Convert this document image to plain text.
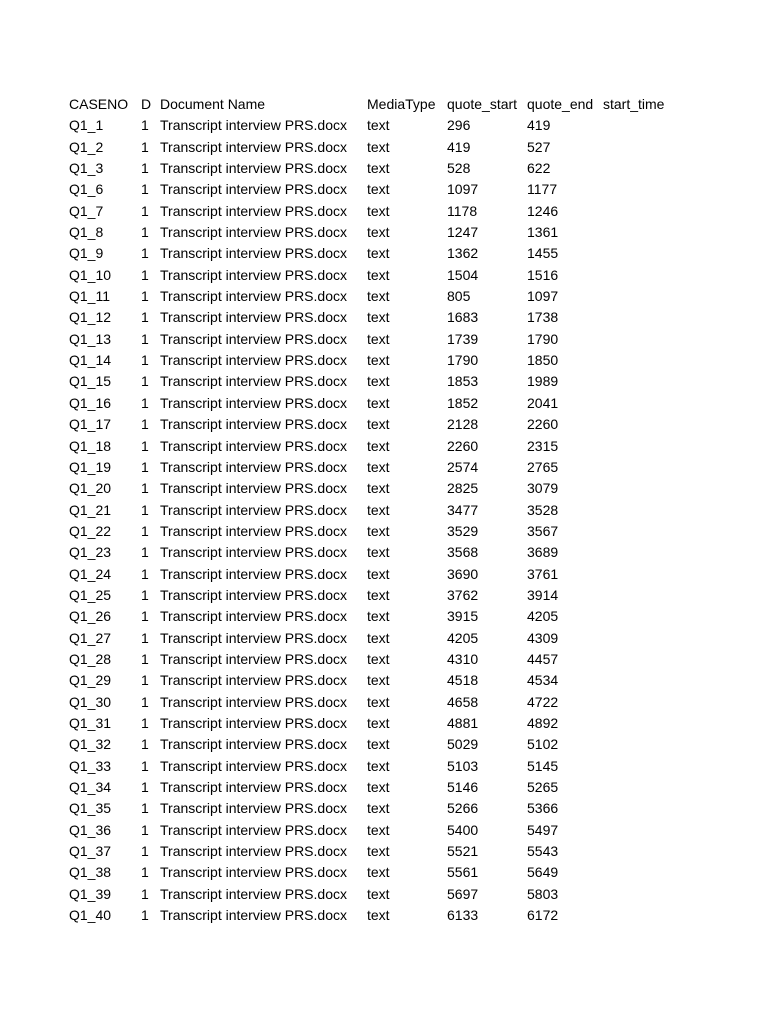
CASENO	D	Document Name	MediaType	quote_start	quote_end	start_time
Q1_1	1	Transcript interview PRS.docx	text	296	419	
Q1_2	1	Transcript interview PRS.docx	text	419	527	
Q1_3	1	Transcript interview PRS.docx	text	528	622	
Q1_6	1	Transcript interview PRS.docx	text	1097	1177	
Q1_7	1	Transcript interview PRS.docx	text	1178	1246	
Q1_8	1	Transcript interview PRS.docx	text	1247	1361	
Q1_9	1	Transcript interview PRS.docx	text	1362	1455	
Q1_10	1	Transcript interview PRS.docx	text	1504	1516	
Q1_11	1	Transcript interview PRS.docx	text	805	1097	
Q1_12	1	Transcript interview PRS.docx	text	1683	1738	
Q1_13	1	Transcript interview PRS.docx	text	1739	1790	
Q1_14	1	Transcript interview PRS.docx	text	1790	1850	
Q1_15	1	Transcript interview PRS.docx	text	1853	1989	
Q1_16	1	Transcript interview PRS.docx	text	1852	2041	
Q1_17	1	Transcript interview PRS.docx	text	2128	2260	
Q1_18	1	Transcript interview PRS.docx	text	2260	2315	
Q1_19	1	Transcript interview PRS.docx	text	2574	2765	
Q1_20	1	Transcript interview PRS.docx	text	2825	3079	
Q1_21	1	Transcript interview PRS.docx	text	3477	3528	
Q1_22	1	Transcript interview PRS.docx	text	3529	3567	
Q1_23	1	Transcript interview PRS.docx	text	3568	3689	
Q1_24	1	Transcript interview PRS.docx	text	3690	3761	
Q1_25	1	Transcript interview PRS.docx	text	3762	3914	
Q1_26	1	Transcript interview PRS.docx	text	3915	4205	
Q1_27	1	Transcript interview PRS.docx	text	4205	4309	
Q1_28	1	Transcript interview PRS.docx	text	4310	4457	
Q1_29	1	Transcript interview PRS.docx	text	4518	4534	
Q1_30	1	Transcript interview PRS.docx	text	4658	4722	
Q1_31	1	Transcript interview PRS.docx	text	4881	4892	
Q1_32	1	Transcript interview PRS.docx	text	5029	5102	
Q1_33	1	Transcript interview PRS.docx	text	5103	5145	
Q1_34	1	Transcript interview PRS.docx	text	5146	5265	
Q1_35	1	Transcript interview PRS.docx	text	5266	5366	
Q1_36	1	Transcript interview PRS.docx	text	5400	5497	
Q1_37	1	Transcript interview PRS.docx	text	5521	5543	
Q1_38	1	Transcript interview PRS.docx	text	5561	5649	
Q1_39	1	Transcript interview PRS.docx	text	5697	5803	
Q1_40	1	Transcript interview PRS.docx	text	6133	6172	
